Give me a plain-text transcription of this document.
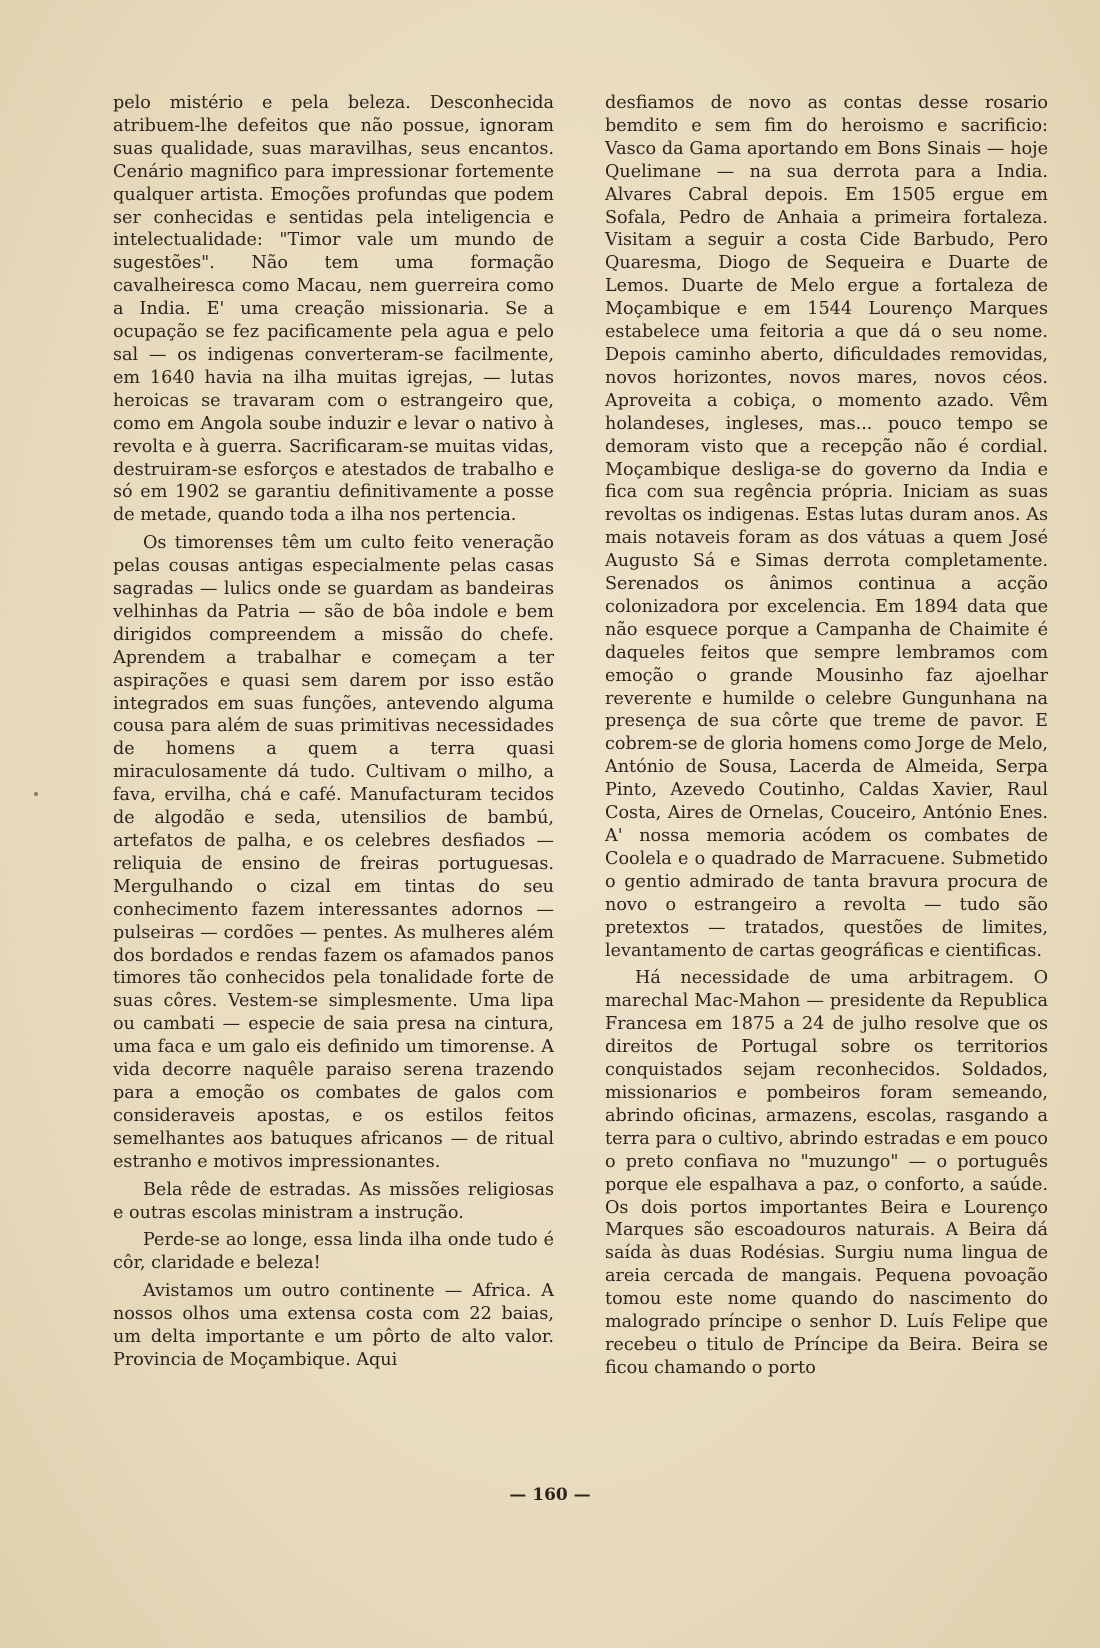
pelo mistério e pela beleza. Desconhecida atribuem-lhe defeitos que não possue, ignoram suas qualidade, suas maravilhas, seus encantos. Cenário magnifico para impressionar fortemente qualquer artista. Emoções profundas que podem ser conhecidas e sentidas pela inteligencia e intelectualidade: "Timor vale um mundo de sugestões". Não tem uma formação cavalheiresca como Macau, nem guerreira como a India. E' uma creação missionaria. Se a ocupação se fez pacificamente pela agua e pelo sal — os indigenas converteram-se facilmente, em 1640 havia na ilha muitas igrejas, — lutas heroicas se travaram com o estrangeiro que, como em Angola soube induzir e levar o nativo à revolta e à guerra. Sacrificaram-se muitas vidas, destruiram-se esforços e atestados de trabalho e só em 1902 se garantiu definitivamente a posse de metade, quando toda a ilha nos pertencia.

Os timorenses têm um culto feito veneração pelas cousas antigas especialmente pelas casas sagradas — lulics onde se guardam as bandeiras velhinhas da Patria — são de bôa indole e bem dirigidos compreendem a missão do chefe. Aprendem a trabalhar e começam a ter aspirações e quasi sem darem por isso estão integrados em suas funções, antevendo alguma cousa para além de suas primitivas necessidades de homens a quem a terra quasi miraculosamente dá tudo. Cultivam o milho, a fava, ervilha, chá e café. Manufacturam tecidos de algodão e seda, utensilios de bambú, artefatos de palha, e os celebres desfiados — reliquia de ensino de freiras portuguesas. Mergulhando o cizal em tintas do seu conhecimento fazem interessantes adornos — pulseiras — cordões — pentes. As mulheres além dos bordados e rendas fazem os afamados panos timores tão conhecidos pela tonalidade forte de suas côres. Vestem-se simplesmente. Uma lipa ou cambati — especie de saia presa na cintura, uma faca e um galo eis definido um timorense. A vida decorre naquêle paraiso serena trazendo para a emoção os combates de galos com consideraveis apostas, e os estilos feitos semelhantes aos batuques africanos — de ritual estranho e motivos impressionantes.

Bela rêde de estradas. As missões religiosas e outras escolas ministram a instrução.

Perde-se ao longe, essa linda ilha onde tudo é côr, claridade e beleza!

Avistamos um outro continente — Africa. A nossos olhos uma extensa costa com 22 baias, um delta importante e um pôrto de alto valor. Provincia de Moçambique. Aqui

desfiamos de novo as contas desse rosario bemdito e sem fim do heroismo e sacrificio: Vasco da Gama aportando em Bons Sinais — hoje Quelimane — na sua derrota para a India. Alvares Cabral depois. Em 1505 ergue em Sofala, Pedro de Anhaia a primeira fortaleza. Visitam a seguir a costa Cide Barbudo, Pero Quaresma, Diogo de Sequeira e Duarte de Lemos. Duarte de Melo ergue a fortaleza de Moçambique e em 1544 Lourenço Marques estabelece uma feitoria a que dá o seu nome. Depois caminho aberto, dificuldades removidas, novos horizontes, novos mares, novos céos. Aproveita a cobiça, o momento azado. Vêm holandeses, ingleses, mas... pouco tempo se demoram visto que a recepção não é cordial. Moçambique desliga-se do governo da India e fica com sua regência própria. Iniciam as suas revoltas os indigenas. Estas lutas duram anos. As mais notaveis foram as dos vátuas a quem José Augusto Sá e Simas derrota completamente. Serenados os ânimos continua a acção colonizadora por excelencia. Em 1894 data que não esquece porque a Campanha de Chaimite é daqueles feitos que sempre lembramos com emoção o grande Mousinho faz ajoelhar reverente e humilde o celebre Gungunhana na presença de sua côrte que treme de pavor. E cobrem-se de gloria homens como Jorge de Melo, António de Sousa, Lacerda de Almeida, Serpa Pinto, Azevedo Coutinho, Caldas Xavier, Raul Costa, Aires de Ornelas, Couceiro, António Enes. A' nossa memoria acódem os combates de Coolela e o quadrado de Marracuene. Submetido o gentio admirado de tanta bravura procura de novo o estrangeiro a revolta — tudo são pretextos — tratados, questões de limites, levantamento de cartas geográficas e cientificas.

Há necessidade de uma arbitragem. O marechal Mac-Mahon — presidente da Republica Francesa em 1875 a 24 de julho resolve que os direitos de Portugal sobre os territorios conquistados sejam reconhecidos. Soldados, missionarios e pombeiros foram semeando, abrindo oficinas, armazens, escolas, rasgando a terra para o cultivo, abrindo estradas e em pouco o preto confiava no "muzungo" — o português porque ele espalhava a paz, o conforto, a saúde. Os dois portos importantes Beira e Lourenço Marques são escoadouros naturais. A Beira dá saída às duas Rodésias. Surgiu numa lingua de areia cercada de mangais. Pequena povoação tomou este nome quando do nascimento do malogrado príncipe o senhor D. Luís Felipe que recebeu o titulo de Príncipe da Beira. Beira se ficou chamando o porto

— 160 —
